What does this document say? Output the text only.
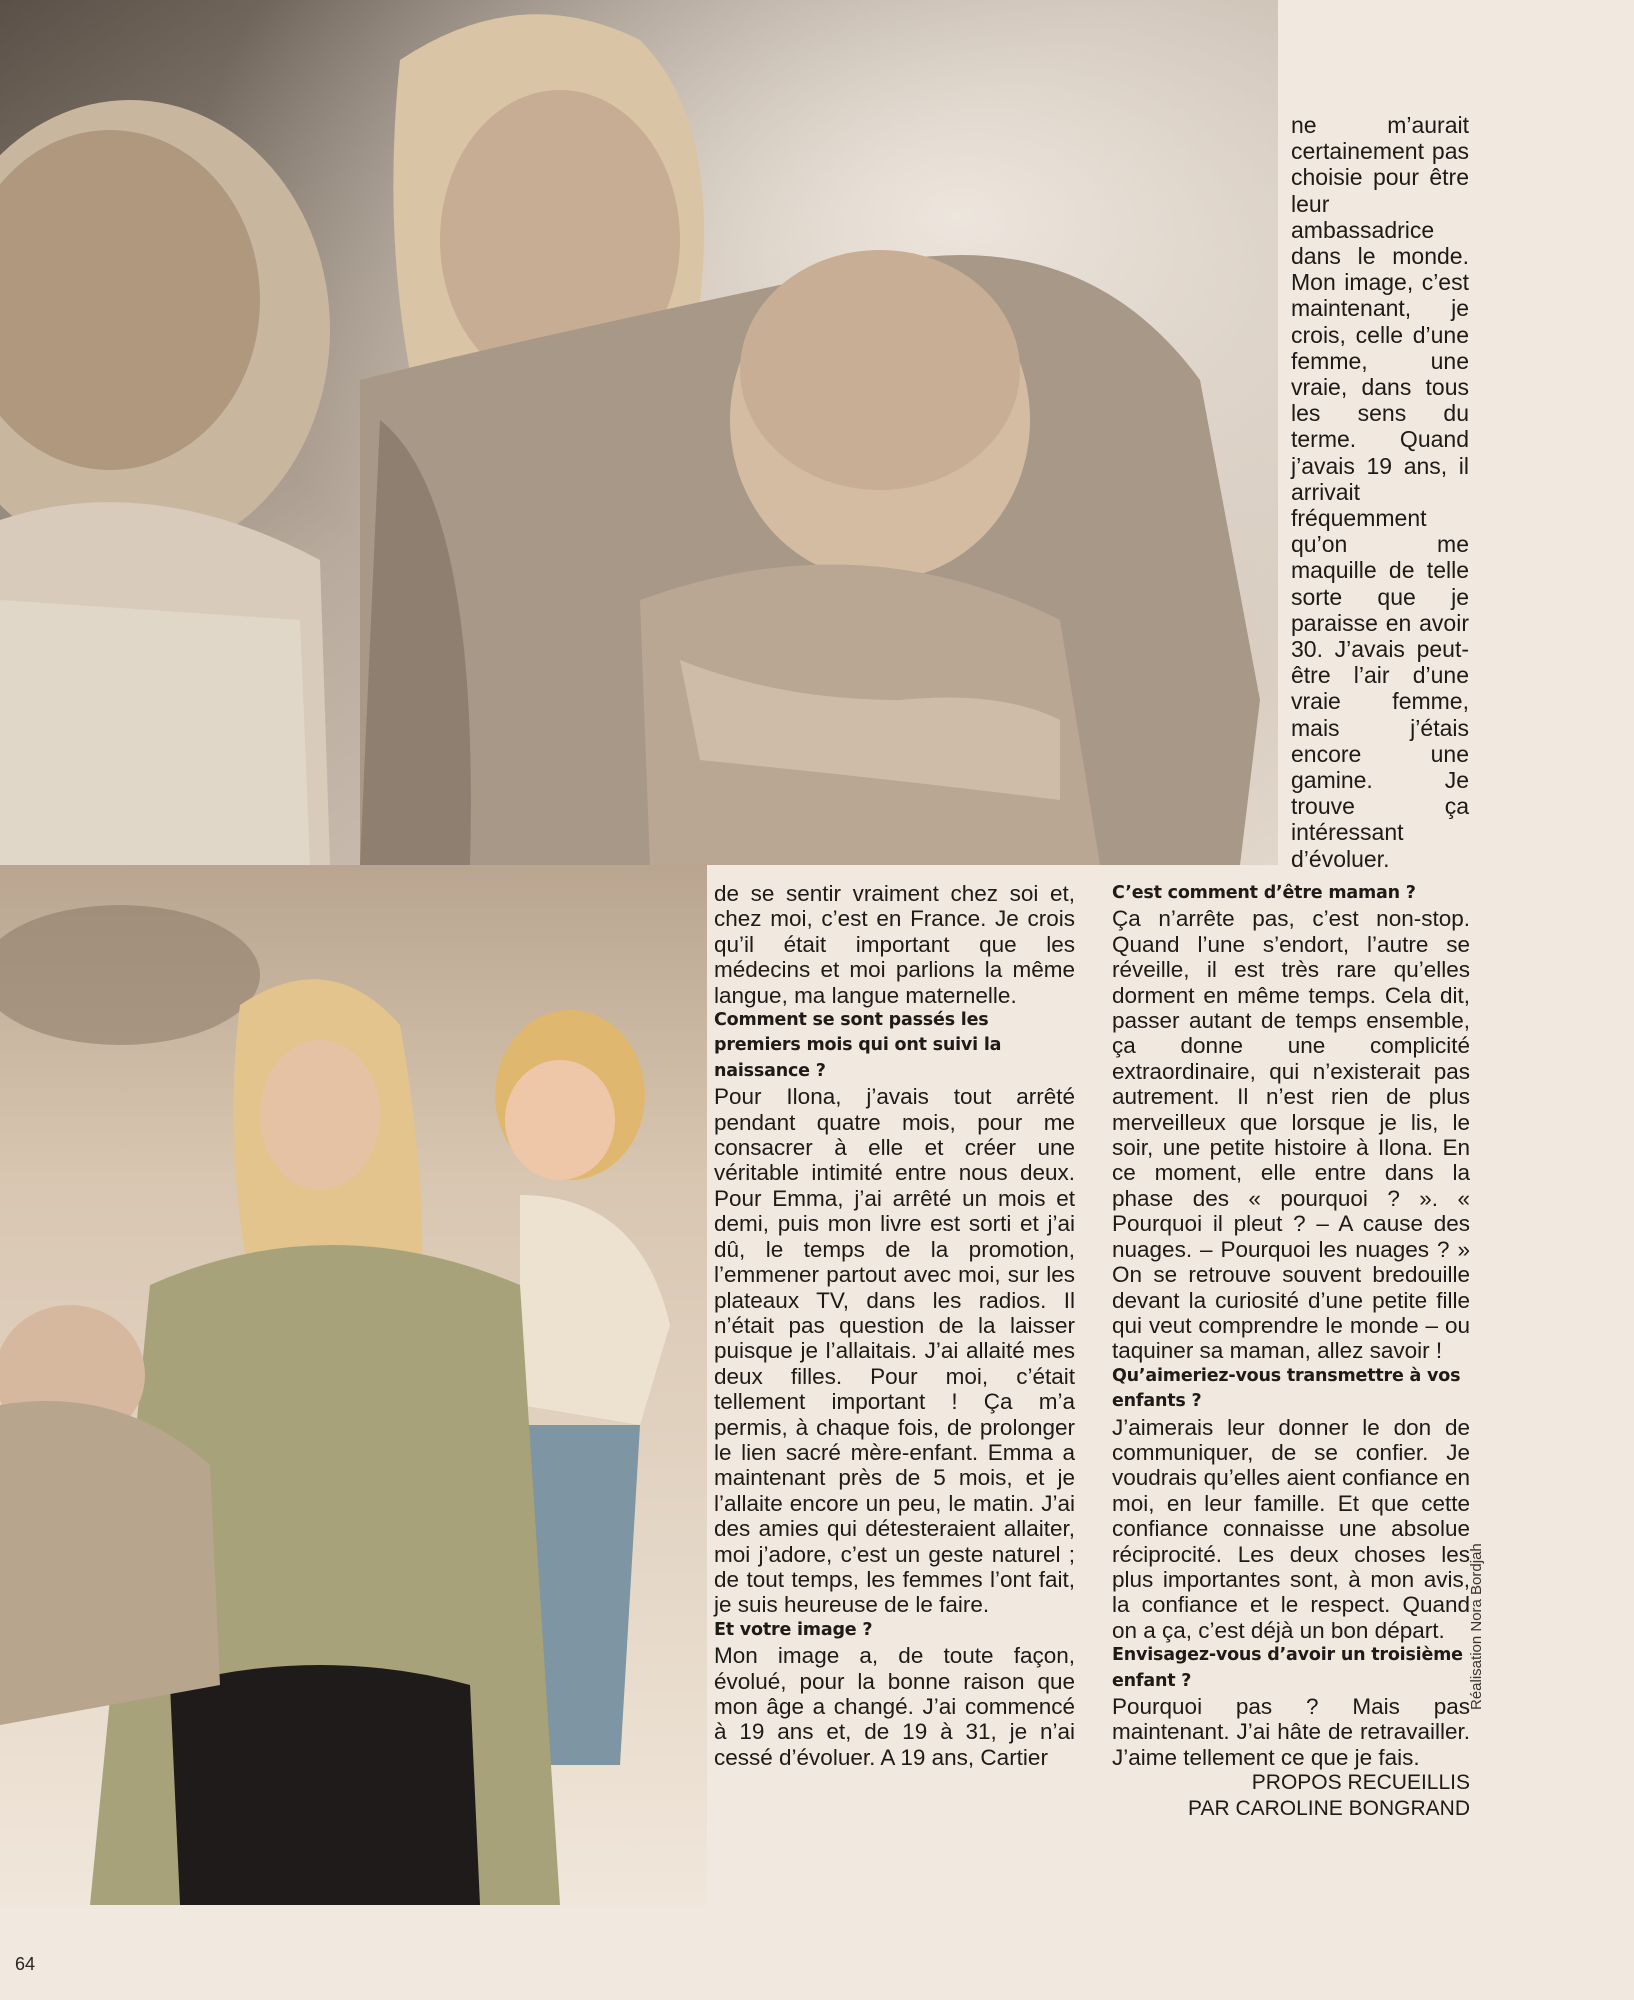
ne m’aurait certainement pas choisie pour être leur ambassadrice dans le monde. Mon image, c’est maintenant, je crois, celle d’une femme, une vraie, dans tous les sens du terme. Quand j’avais 19 ans, il arrivait fréquemment qu’on me maquille de telle sorte que je paraisse en avoir 30. J’avais peut-être l’air d’une vraie femme, mais j’étais encore une gamine. Je trouve ça intéressant d’évoluer.

de se sentir vraiment chez soi et, chez moi, c’est en France. Je crois qu’il était important que les médecins et moi parlions la même langue, ma langue maternelle.

Comment se sont passés les premiers mois qui ont suivi la naissance ?

Pour Ilona, j’avais tout arrêté pendant quatre mois, pour me consacrer à elle et créer une véritable intimité entre nous deux. Pour Emma, j’ai arrêté un mois et demi, puis mon livre est sorti et j’ai dû, le temps de la promotion, l’emmener partout avec moi, sur les plateaux TV, dans les radios. Il n’était pas question de la laisser puisque je l’allaitais. J’ai allaité mes deux filles. Pour moi, c’était tellement important ! Ça m’a permis, à chaque fois, de prolonger le lien sacré mère-enfant. Emma a maintenant près de 5 mois, et je l’allaite encore un peu, le matin. J’ai des amies qui détesteraient allaiter, moi j’adore, c’est un geste naturel ; de tout temps, les femmes l’ont fait, je suis heureuse de le faire.

Et votre image ?

Mon image a, de toute façon, évolué, pour la bonne raison que mon âge a changé. J’ai commencé à 19 ans et, de 19 à 31, je n’ai cessé d’évoluer. A 19 ans, Cartier

C’est comment d’être maman ?

Ça n’arrête pas, c’est non-stop. Quand l’une s’endort, l’autre se réveille, il est très rare qu’elles dorment en même temps. Cela dit, passer autant de temps ensemble, ça donne une complicité extraordinaire, qui n’existerait pas autrement. Il n’est rien de plus merveilleux que lorsque je lis, le soir, une petite histoire à Ilona. En ce moment, elle entre dans la phase des « pourquoi ? ». « Pourquoi il pleut ? – A cause des nuages. – Pourquoi les nuages ? » On se retrouve souvent bredouille devant la curiosité d’une petite fille qui veut comprendre le monde – ou taquiner sa maman, allez savoir !

Qu’aimeriez-vous transmettre à vos enfants ?

J’aimerais leur donner le don de communiquer, de se confier. Je voudrais qu’elles aient confiance en moi, en leur famille. Et que cette confiance connaisse une absolue réciprocité. Les deux choses les plus importantes sont, à mon avis, la confiance et le respect. Quand on a ça, c’est déjà un bon départ.

Envisagez-vous d’avoir un troisième enfant ?

Pourquoi pas ? Mais pas maintenant. J’ai hâte de retravailler. J’aime tellement ce que je fais.

PROPOS RECUEILLIS

PAR CAROLINE BONGRAND

Réalisation Nora Bordjah
64
